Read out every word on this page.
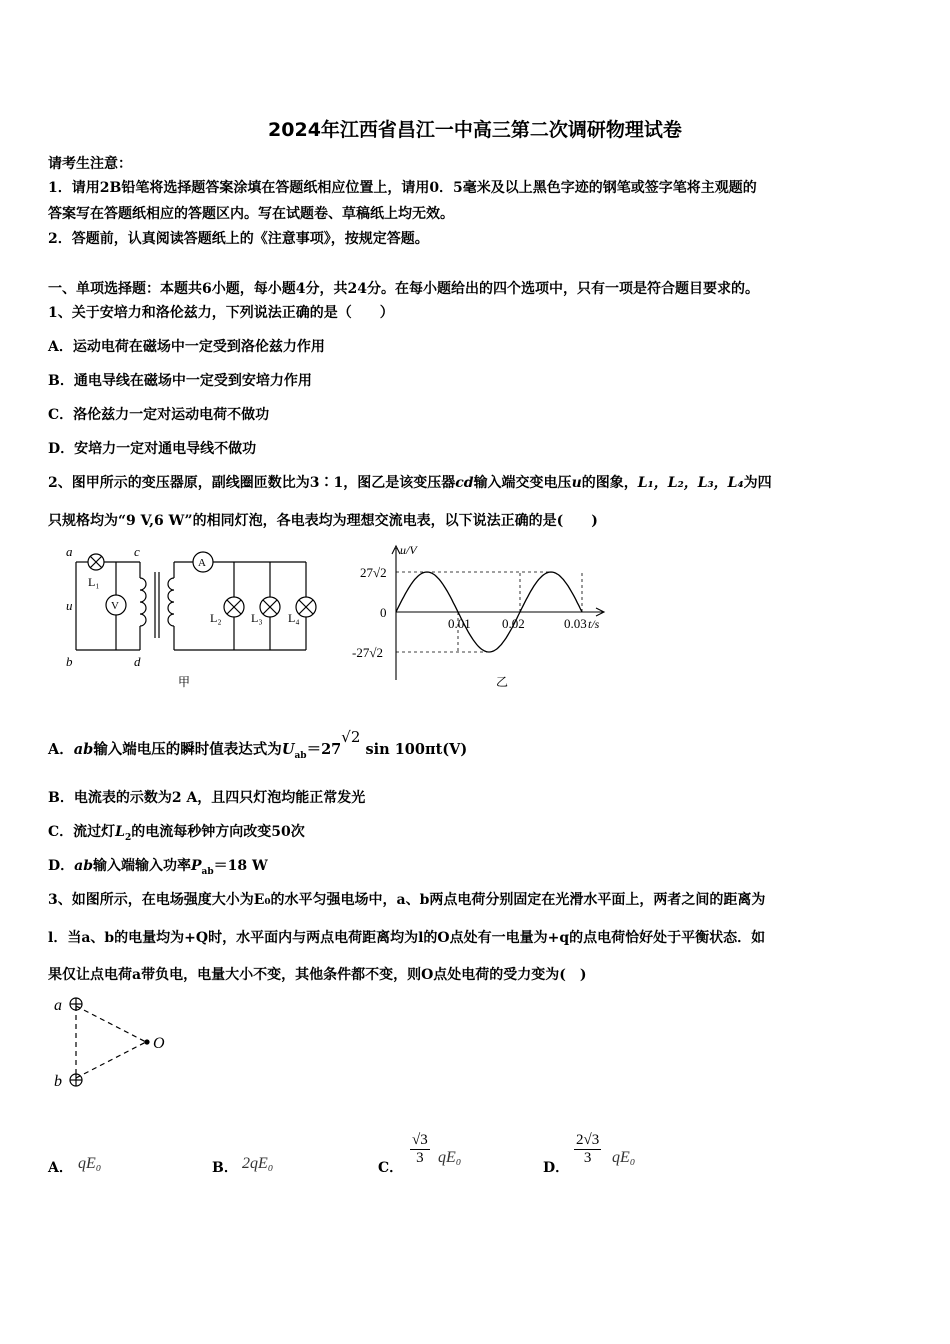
2024年江西省昌江一中高三第二次调研物理试卷
请考生注意：
1．请用2B铅笔将选择题答案涂填在答题纸相应位置上，请用0．5毫米及以上黑色字迹的钢笔或签字笔将主观题的
答案写在答题纸相应的答题区内。写在试题卷、草稿纸上均无效。
2．答题前，认真阅读答题纸上的《注意事项》，按规定答题。
一、单项选择题：本题共6小题，每小题4分，共24分。在每小题给出的四个选项中，只有一项是符合题目要求的。
1、关于安培力和洛伦兹力，下列说法正确的是（　　）
A．运动电荷在磁场中一定受到洛伦兹力作用
B．通电导线在磁场中一定受到安培力作用
C．洛伦兹力一定对运动电荷不做功
D．安培力一定对通电导线不做功
2、图甲所示的变压器原，副线圈匝数比为3∶1，图乙是该变压器cd输入端交变电压u的图象，L₁，L₂，L₃，L₄为四
只规格均为“9 V,6 W”的相同灯泡，各电表均为理想交流电表，以下说法正确的是(　　)
a
b
c
d
u
L₁
V
A
L₂ L₃ L₄
甲
0.01 0.02	0.03
27√2
-27√2
u/V
t/s
0
乙
A．ab输入端电压的瞬时值表达式为$U_{ab}=27√2$ sin 100πt(V)
B．电流表的示数为2 A，且四只灯泡均能正常发光
C．流过灯$L_2$的电流每秒钟方向改变50次
D．ab输入端输入功率$P_{ab}=18$ W
3、如图所示，在电场强度大小为E₀的水平匀强电场中，a、b两点电荷分别固定在光滑水平面上，两者之间的距离为
l．当a、b的电量均为+Q时，水平面内与两点电荷距离均为l的O点处有一电量为+q的点电荷恰好处于平衡状态．如
果仅让点电荷a带负电，电量大小不变，其他条件都不变，则O点处电荷的受力变为(　)
a
b
O
A． qE₀	B． 2qE₀	C．
$\frac{√3}{3} qE_0$
D．
$\frac{2√3}{3} qE_0$
